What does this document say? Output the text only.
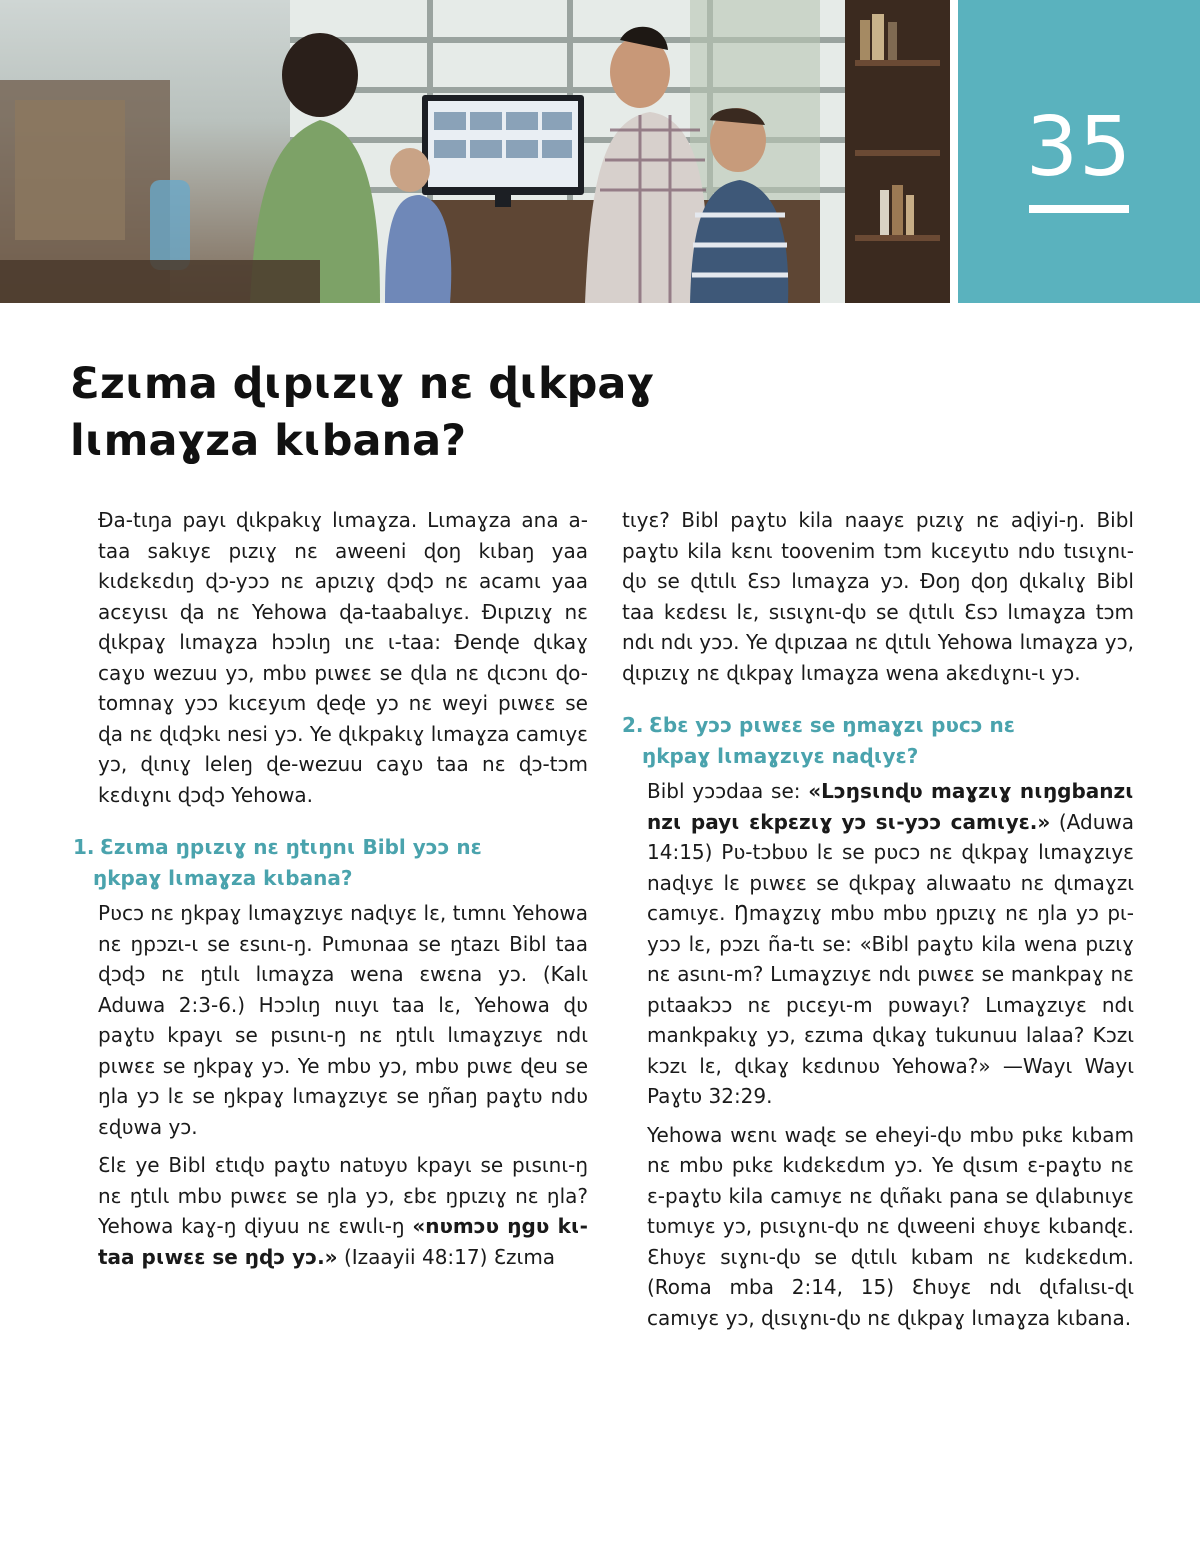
35
Ɛzɩma ɖɩpɩzɩɣ nɛ ɖɩkpaɣ
lɩmaɣza kɩbana?

Ɖa-tɩŋa payɩ ɖɩkpakɩɣ lɩmaɣza. Lɩmaɣza ana a-taa sakɩyɛ pɩzɩɣ nɛ aweeni ɖoŋ kɩbaŋ yaa kɩdɛkɛdɩŋ ɖɔ-yɔɔ nɛ apɩzɩɣ ɖɔɖɔ nɛ acamɩ yaa acɛyɩsɩ ɖa nɛ Yehowa ɖa-taabalɩyɛ. Ɖɩpɩzɩɣ nɛ ɖɩkpaɣ lɩmaɣza hɔɔlɩŋ ɩnɛ ɩ-taa: Ɖenɖe ɖɩkaɣ caɣʋ wezuu yɔ, mbʋ pɩwɛɛ se ɖɩla nɛ ɖɩcɔnɩ ɖo-tomnaɣ yɔɔ kɩcɛyɩm ɖeɖe yɔ nɛ weyi pɩwɛɛ se ɖa nɛ ɖɩɖɔkɩ nesi yɔ. Ye ɖɩkpakɩɣ lɩmaɣza camɩyɛ yɔ, ɖɩnɩɣ leleŋ ɖe-wezuu caɣʋ taa nɛ ɖɔ-tɔm kɛdɩɣnɩ ɖɔɖɔ Yehowa.

1. Ɛzɩma ŋpɩzɩɣ nɛ ŋtɩŋnɩ Bibl yɔɔ nɛ
ŋkpaɣ lɩmaɣza kɩbana?

Pʋcɔ nɛ ŋkpaɣ lɩmaɣzɩyɛ naɖɩyɛ lɛ, tɩmnɩ Yehowa nɛ ŋpɔzɩ-ɩ se ɛsɩnɩ-ŋ. Pɩmʋnaa se ŋtazɩ Bibl taa ɖɔɖɔ nɛ ŋtɩlɩ lɩmaɣza wena ɛwɛna yɔ. (Kalɩ Aduwa 2:3-6.) Hɔɔlɩŋ nɩɩyɩ taa lɛ, Yehowa ɖʋ paɣtʋ kpayɩ se pɩsɩnɩ-ŋ nɛ ŋtɩlɩ lɩmaɣzɩyɛ ndɩ pɩwɛɛ se ŋkpaɣ yɔ. Ye mbʋ yɔ, mbʋ pɩwɛ ɖeu se ŋla yɔ lɛ se ŋkpaɣ lɩmaɣzɩyɛ se ŋñaŋ paɣtʋ ndʋ ɛɖʋwa yɔ.

Ɛlɛ ye Bibl ɛtɩɖʋ paɣtʋ natʋyʋ kpayɩ se pɩsɩnɩ-ŋ nɛ ŋtɩlɩ mbʋ pɩwɛɛ se ŋla yɔ, ɛbɛ ŋpɩzɩɣ nɛ ŋla? Yehowa kaɣ-ŋ ɖiyuu nɛ ɛwɩlɩ-ŋ «nʋmɔʋ ŋgʋ kɩ-taa pɩwɛɛ se ŋɖɔ yɔ.» (Izaayii 48:17) Ɛzɩma

tɩyɛ? Bibl paɣtʋ kila naayɛ pɩzɩɣ nɛ aɖiyi-ŋ. Bibl paɣtʋ kila kɛnɩ toovenim tɔm kɩcɛyɩtʋ ndʋ tɩsɩɣnɩ-ɖʋ se ɖɩtɩlɩ Ɛsɔ lɩmaɣza yɔ. Ɖoŋ ɖoŋ ɖɩkalɩɣ Bibl taa kɛdɛsɩ lɛ, sɩsɩɣnɩ-ɖʋ se ɖɩtɩlɩ Ɛsɔ lɩmaɣza tɔm ndɩ ndɩ yɔɔ. Ye ɖɩpɩzaa nɛ ɖɩtɩlɩ Yehowa lɩmaɣza yɔ, ɖɩpɩzɩɣ nɛ ɖɩkpaɣ lɩmaɣza wena akɛdɩɣnɩ-ɩ yɔ.

2. Ɛbɛ yɔɔ pɩwɛɛ se ŋmaɣzɩ pʋcɔ nɛ
ŋkpaɣ lɩmaɣzɩyɛ naɖɩyɛ?

Bibl yɔɔdaa se: «Lɔŋsɩnɖʋ maɣzɩɣ nɩŋgbanzɩ nzɩ payɩ ɛkpɛzɩɣ yɔ sɩ-yɔɔ camɩyɛ.» (Aduwa 14:15) Pʋ-tɔbʋʋ lɛ se pʋcɔ nɛ ɖɩkpaɣ lɩmaɣzɩyɛ naɖɩyɛ lɛ pɩwɛɛ se ɖɩkpaɣ alɩwaatʋ nɛ ɖɩmaɣzɩ camɩyɛ. Ŋmaɣzɩɣ mbʋ mbʋ ŋpɩzɩɣ nɛ ŋla yɔ pɩ-yɔɔ lɛ, pɔzɩ ña-tɩ se: «Bibl paɣtʋ kila wena pɩzɩɣ nɛ asɩnɩ-m? Lɩmaɣzɩyɛ ndɩ pɩwɛɛ se mankpaɣ nɛ pɩtaakɔɔ nɛ pɩcɛyɩ-m pʋwayɩ? Lɩmaɣzɩyɛ ndɩ mankpakɩɣ yɔ, ɛzɩma ɖɩkaɣ tukunuu lalaa? Kɔzɩ kɔzɩ lɛ, ɖɩkaɣ kɛdɩnʋʋ Yehowa?» —Wayɩ Wayɩ Paɣtʋ 32:29.

Yehowa wɛnɩ waɖɛ se eheyi-ɖʋ mbʋ pɩkɛ kɩbam nɛ mbʋ pɩkɛ kɩdɛkɛdɩm yɔ. Ye ɖɩsɩm ɛ-paɣtʋ nɛ ɛ-paɣtʋ kila camɩyɛ nɛ ɖɩñakɩ pana se ɖɩlabɩnɩyɛ tʋmɩyɛ yɔ, pɩsɩɣnɩ-ɖʋ nɛ ɖɩweeni ɛhʋyɛ kɩbanɖɛ. Ɛhʋyɛ sɩɣnɩ-ɖʋ se ɖɩtɩlɩ kɩbam nɛ kɩdɛkɛdɩm. (Roma mba 2:14, 15) Ɛhʋyɛ ndɩ ɖɩfalɩsɩ-ɖɩ camɩyɛ yɔ, ɖɩsɩɣnɩ-ɖʋ nɛ ɖɩkpaɣ lɩmaɣza kɩbana.
